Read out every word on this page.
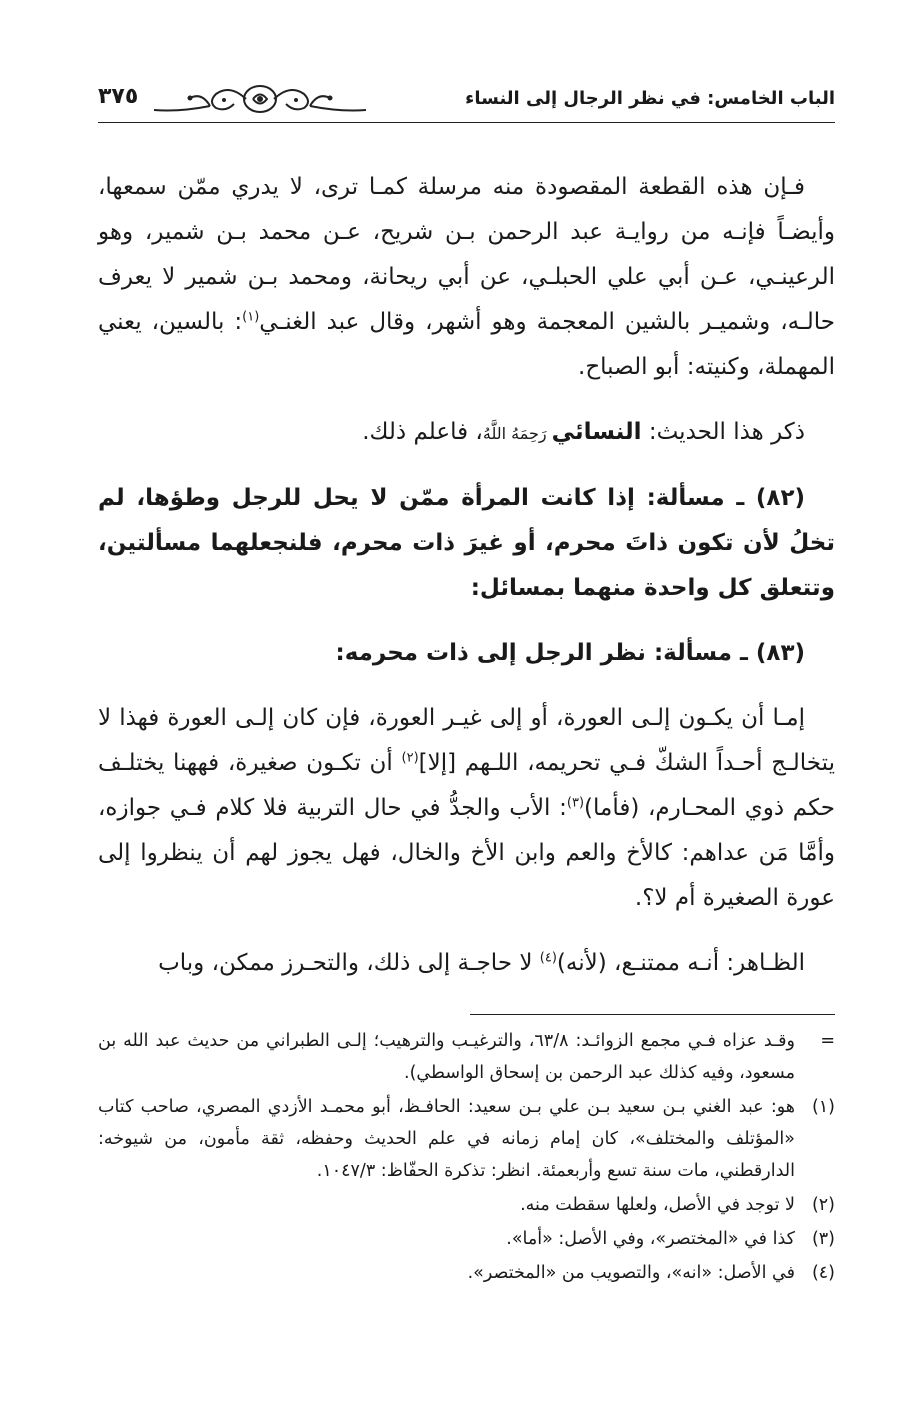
الباب الخامس: في نظر الرجال إلى النساء
٣٧٥

فـإن هذه القطعة المقصودة منه مرسلة كمـا ترى، لا يدري ممّن سمعها، وأيضـاً فإنـه من روايـة عبد الرحمن بـن شريح، عـن محمد بـن شمير، وهو الرعينـي، عـن أبي علي الحبلـي، عن أبي ريحانة، ومحمد بـن شمير لا يعرف حالـه، وشميـر بالشين المعجمة وهو أشهر، وقال عبد الغنـي$^{(١)}$: بالسين، يعني المهملة، وكنيته: أبو الصباح.

ذكر هذا الحديث: النسائي رَحِمَهُ اللَّهُ، فاعلم ذلك.

(٨٢) ـ مسألة: إذا كانت المرأة ممّن لا يحل للرجل وطؤها، لم تخلُ لأن تكون ذاتَ محرم، أو غيرَ ذات محرم، فلنجعلهما مسألتين، وتتعلق كل واحدة منهما بمسائل:

(٨٣) ـ مسألة: نظر الرجل إلى ذات محرمه:

إمـا أن يكـون إلـى العورة، أو إلى غيـر العورة، فإن كان إلـى العورة فهذا لا يتخالـج أحـداً الشكّ فـي تحريمه، اللـهم [إلا]$^{(٢)}$ أن تكـون صغيرة، فههنا يختلـف حكم ذوي المحـارم، (فأما)$^{(٣)}$: الأب والجدُّ في حال التربية فلا كلام فـي جوازه، وأمَّا مَن عداهم: كالأخ والعم وابن الأخ والخال، فهل يجوز لهم أن ينظروا إلى عورة الصغيرة أم لا؟.

الظـاهر: أنـه ممتنـع، (لأنه)$^{(٤)}$ لا حاجـة إلى ذلك، والتحـرز ممكن، وباب

=
وقـد عزاه فـي مجمع الزوائـد: ٦٣/٨، والترغيـب والترهيب؛ إلـى الطبراني من حديث عبد الله بن مسعود، وفيه كذلك عبد الرحمن بن إسحاق الواسطي).
(١)
هو: عبد الغني بـن سعيد بـن علي بـن سعيد: الحافـظ، أبو محمـد الأزدي المصري، صاحب كتاب «المؤتلف والمختلف»، كان إمام زمانه في علم الحديث وحفظه، ثقة مأمون، من شيوخه: الدارقطني، مات سنة تسع وأربعمئة. انظر: تذكرة الحفّاظ: ١٠٤٧/٣.
(٢)
لا توجد في الأصل، ولعلها سقطت منه.
(٣)
كذا في «المختصر»، وفي الأصل: «أما».
(٤)
في الأصل: «انه»، والتصويب من «المختصر».
